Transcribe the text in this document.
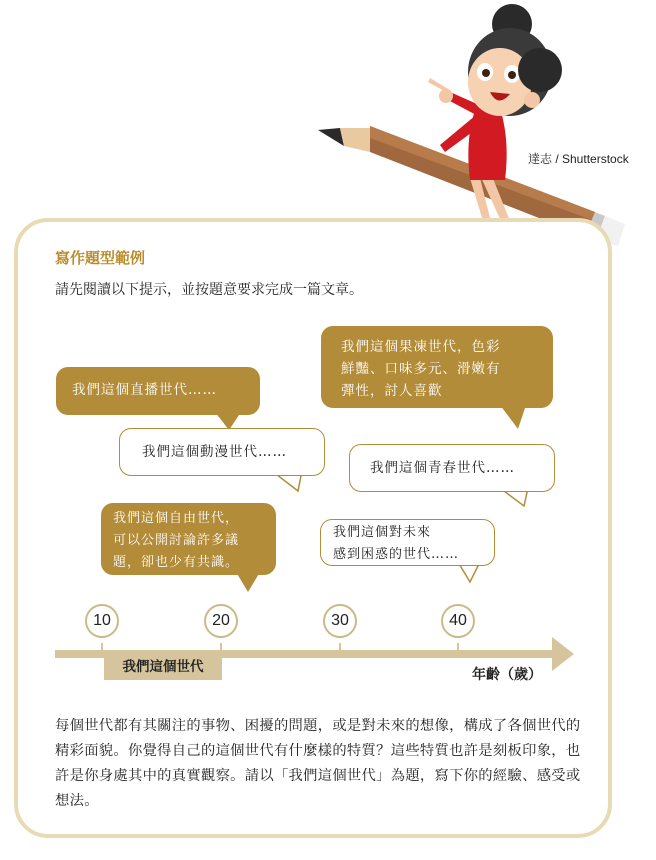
達志 / Shutterstock
寫作題型範例
請先閱讀以下提示，並按題意要求完成一篇文章。
我們這個直播世代……
我們這個動漫世代……
我們這個自由世代，
可以公開討論許多議
題，卻也少有共識。
我們這個果凍世代，色彩
鮮豔、口味多元、滑嫩有
彈性，討人喜歡
我們這個青春世代……
我們這個對未來
感到困惑的世代……
10	20	30	40
我們這個世代	年齡（歲）
每個世代都有其關注的事物、困擾的問題，或是對未來的想像，構成了各個世代的精彩面貌。你覺得自己的這個世代有什麼樣的特質？這些特質也許是刻板印象，也許是你身處其中的真實觀察。請以「我們這個世代」為題，寫下你的經驗、感受或想法。
